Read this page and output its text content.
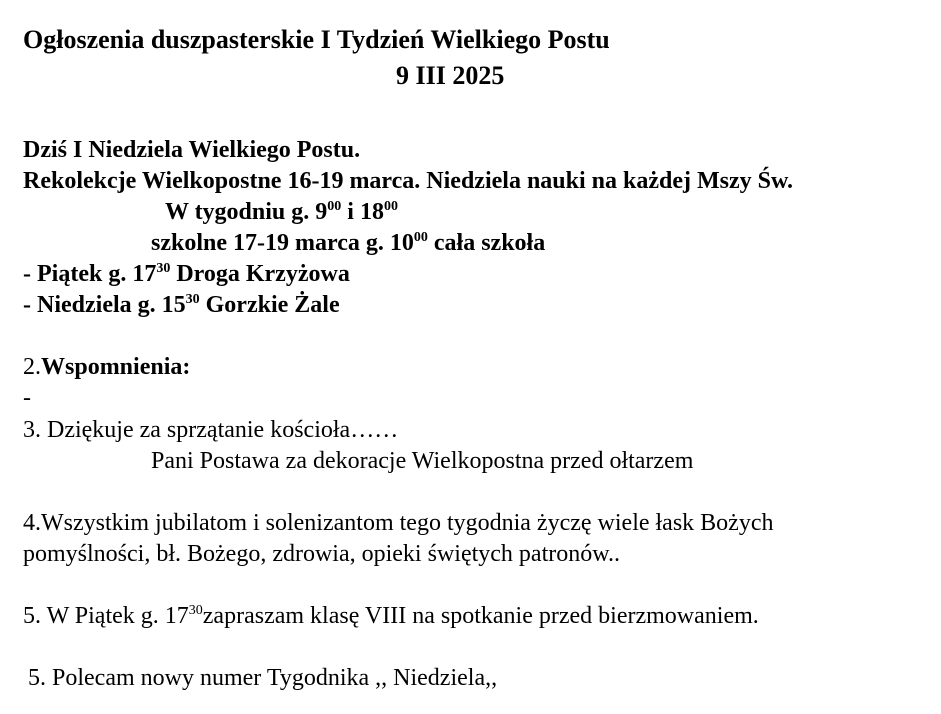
Ogłoszenia duszpasterskie I Tydzień Wielkiego Postu
9 III 2025
Dziś I Niedziela Wielkiego Postu.
Rekolekcje Wielkopostne 16-19 marca. Niedziela nauki na każdej Mszy Św.
W tygodniu g. $9^{00}$ i $18^{00}$
szkolne 17-19 marca g. $10^{00}$ cała szkoła
- Piątek g. $17^{30}$ Droga Krzyżowa
- Niedziela g. $15^{30}$ Gorzkie Żale
2.Wspomnienia:
-
3. Dziękuje za sprzątanie kościoła……
Pani Postawa za dekoracje Wielkopostna przed ołtarzem
4.Wszystkim jubilatom i solenizantom tego tygodnia życzę wiele łask Bożych
pomyślności, bł. Bożego, zdrowia, opieki świętych patronów..
5. W Piątek g. $17^{30}zapraszam$ klasę VIII na spotkanie przed bierzmowaniem.
5. Polecam nowy numer Tygodnika ,, Niedziela,,
